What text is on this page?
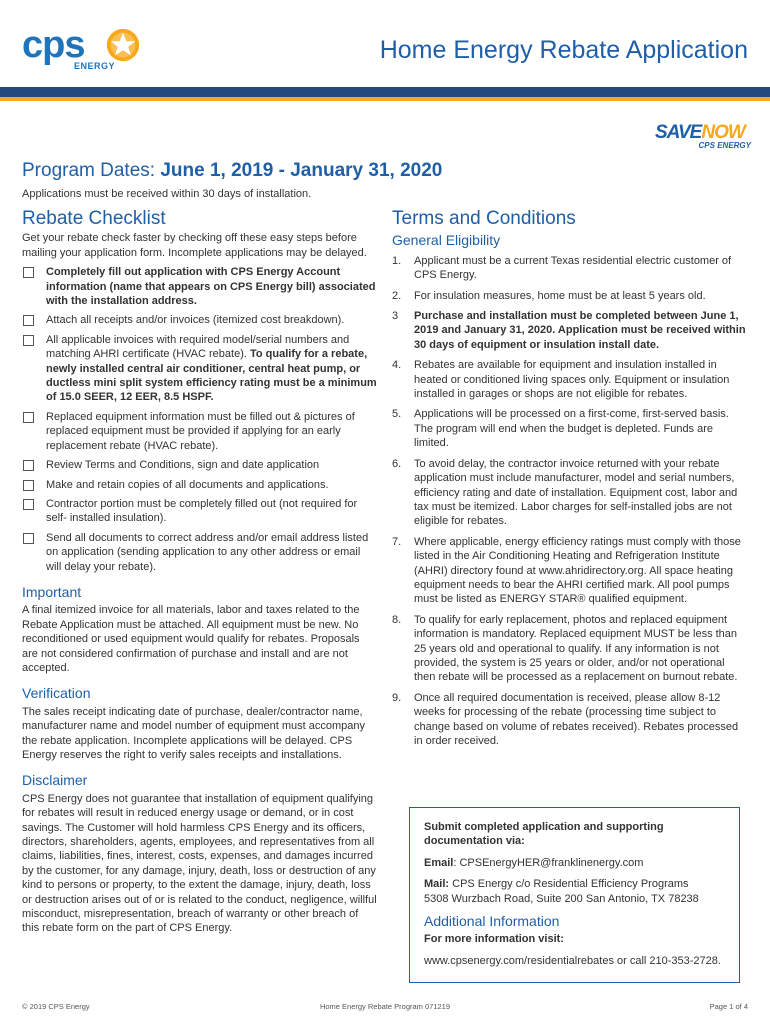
cps
ENERGY
Home Energy Rebate Application
SAVENOW
CPS ENERGY
Program Dates: June 1, 2019 - January 31, 2020
Applications must be received within 30 days of installation.
Rebate Checklist

Get your rebate check faster by checking off these easy steps before mailing your application form. Incomplete applications may be delayed.

Completely fill out application with CPS Energy Account information (name that appears on CPS Energy bill) associated with the installation address.
Attach all receipts and/or invoices (itemized cost breakdown).
All applicable invoices with required model/serial numbers and matching AHRI certificate (HVAC rebate). To qualify for a rebate, newly installed central air conditioner, central heat pump, or ductless mini split system efficiency rating must be a minimum of 15.0 SEER, 12 EER, 8.5 HSPF.
Replaced equipment information must be filled out & pictures of replaced equipment must be provided if applying for an early replacement rebate (HVAC rebate).
Review Terms and Conditions, sign and date application
Make and retain copies of all documents and applications.
Contractor portion must be completely filled out (not required for self- installed insulation).
Send all documents to correct address and/or email address listed on application (sending application to any other address or email will delay your rebate).
Important

A final itemized invoice for all materials, labor and taxes related to the Rebate Application must be attached. All equipment must be new. No reconditioned or used equipment would qualify for rebates. Proposals are not considered confirmation of purchase and install and are not accepted.

Verification

The sales receipt indicating date of purchase, dealer/contractor name, manufacturer name and model number of equipment must accompany the rebate application. Incomplete applications will be delayed. CPS Energy reserves the right to verify sales receipts and installations.

Disclaimer

CPS Energy does not guarantee that installation of equipment qualifying for rebates will result in reduced energy usage or demand, or in cost savings. The Customer will hold harmless CPS Energy and its officers, directors, shareholders, agents, employees, and representatives from all claims, liabilities, fines, interest, costs, expenses, and damages incurred by the customer, for any damage, injury, death, loss or destruction of any kind to persons or property, to the extent the damage, injury, death, loss or destruction arises out of or is related to the conduct, negligence, willful misconduct, misrepresentation, breach of warranty or other breach of this rebate form on the part of CPS Energy.

Terms and Conditions
General Eligibility
1.	Applicant must be a current Texas residential electric customer of CPS Energy.
2.	For insulation measures, home must be at least 5 years old.
3	Purchase and installation must be completed between June 1, 2019 and January 31, 2020. Application must be received within 30 days of equipment or insulation install date.
4.	Rebates are available for equipment and insulation installed in heated or conditioned living spaces only. Equipment or insulation installed in garages or shops are not eligible for rebates.
5.	Applications will be processed on a first-come, first-served basis. The program will end when the budget is depleted. Funds are limited.
6.	To avoid delay, the contractor invoice returned with your rebate application must include manufacturer, model and serial numbers, efficiency rating and date of installation. Equipment cost, labor and tax must be itemized. Labor charges for self-installed jobs are not eligible for rebates.
7.	Where applicable, energy efficiency ratings must comply with those listed in the Air Conditioning Heating and Refrigeration Institute (AHRI) directory found at www.ahridirectory.org. All space heating equipment needs to bear the AHRI certified mark. All pool pumps must be listed as ENERGY STAR® qualified equipment.
8.	To qualify for early replacement, photos and replaced equipment information is mandatory. Replaced equipment MUST be less than 25 years old and operational to qualify. If any information is not provided, the system is 25 years or older, and/or not operational then rebate will be processed as a replacement on burnout rebate.
9.	Once all required documentation is received, please allow 8-12 weeks for processing of the rebate (processing time subject to change based on volume of rebates received). Rebates processed in order received.
Submit completed application and supporting documentation via:
Email: CPSEnergyHER@franklinenergy.com
Mail: CPS Energy c/o Residential Efficiency Programs
5308 Wurzbach Road, Suite 200 San Antonio, TX 78238
Additional Information
For more information visit:
www.cpsenergy.com/residentialrebates or call 210-353-2728.
© 2019 CPS Energy	Home Energy Rebate Program 071219	Page 1 of 4
